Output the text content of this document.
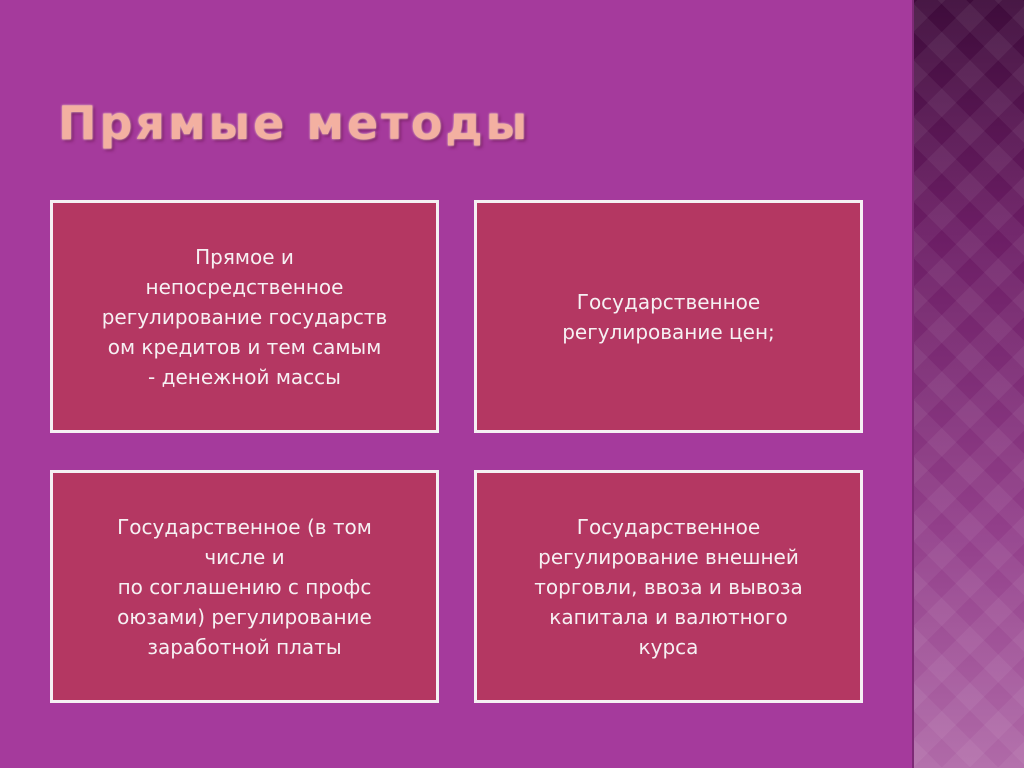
Прямые методы
Прямое и
непосредственное
регулирование государств
ом кредитов и тем самым
- денежной массы
Государственное
регулирование цен;
Государственное (в том
числе и
по соглашению с профс
оюзами) регулирование
заработной платы
Государственное
регулирование внешней
торговли, ввоза и вывоза
капитала и валютного
курса
